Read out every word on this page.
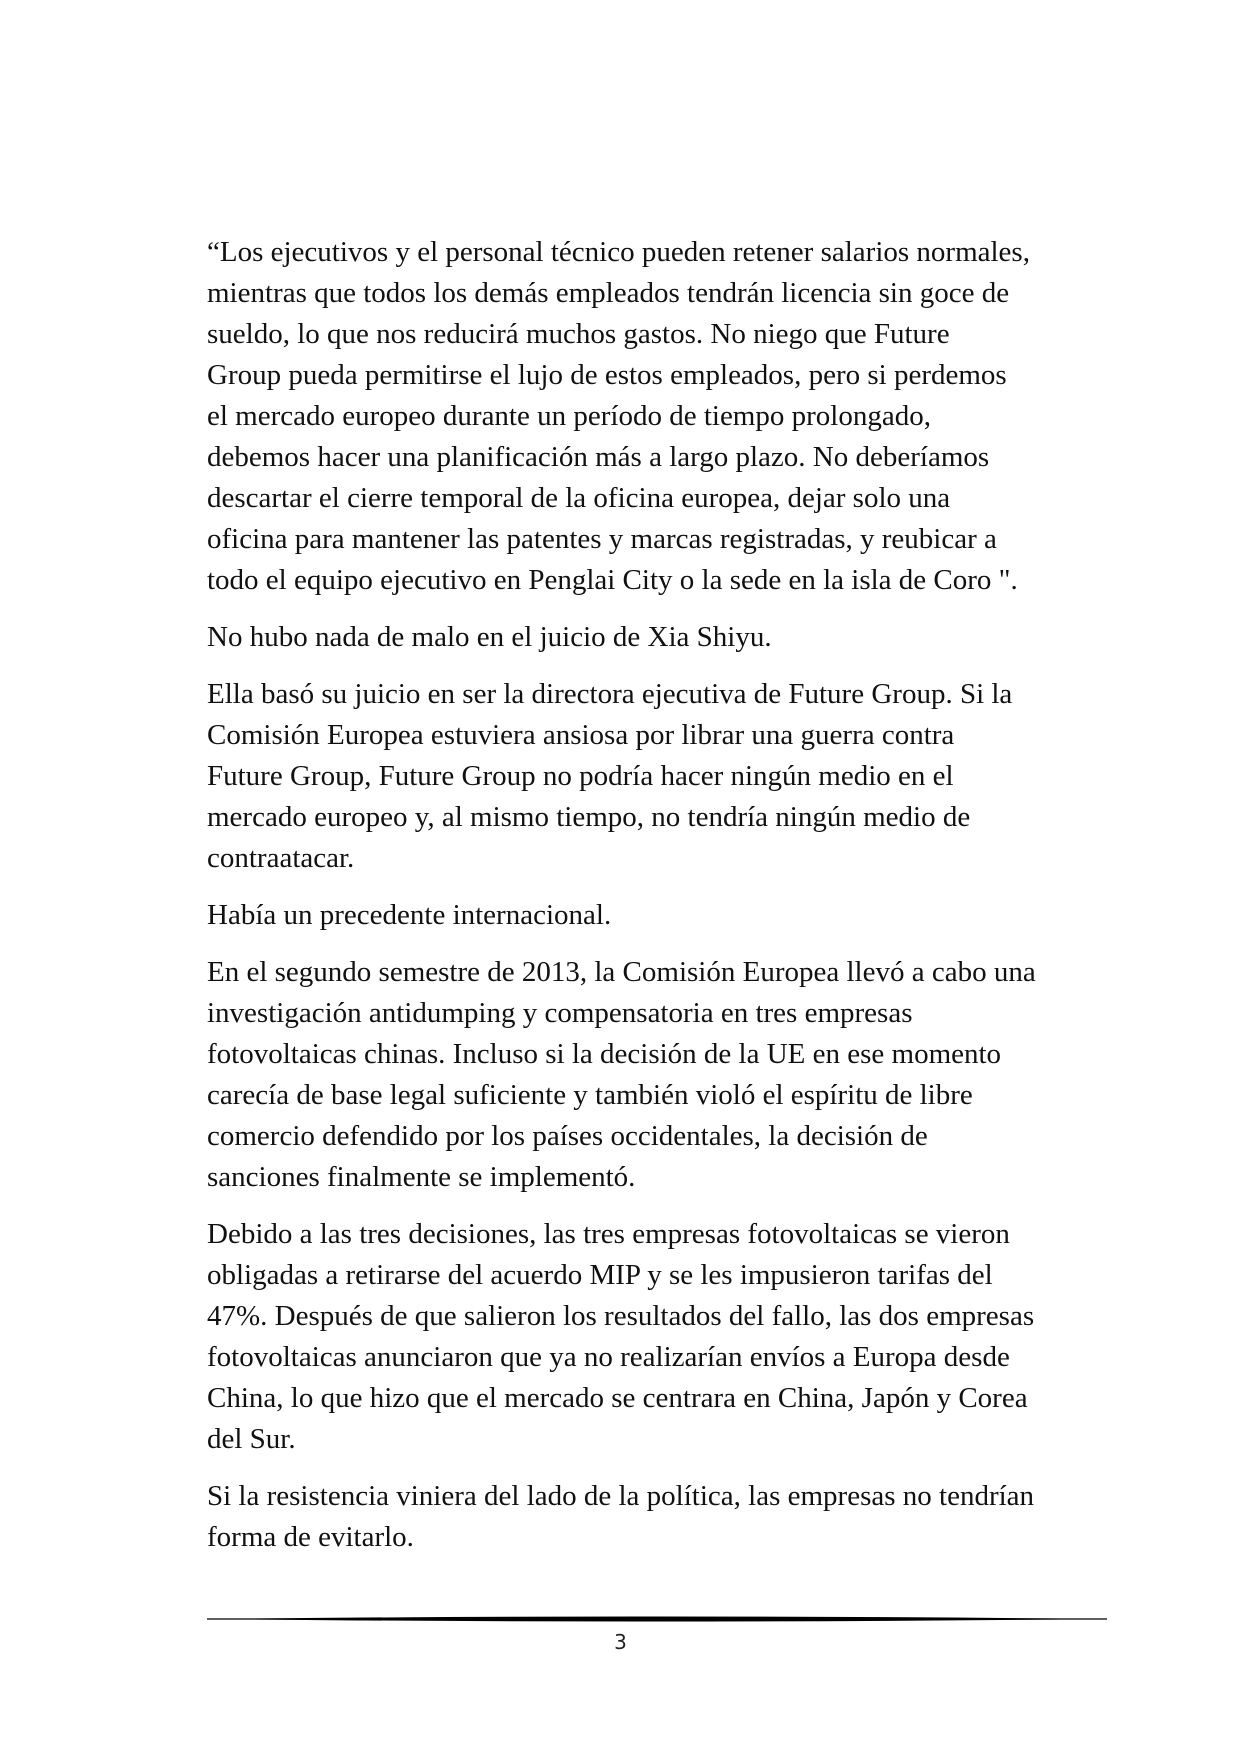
“Los ejecutivos y el personal técnico pueden retener salarios normales,
mientras que todos los demás empleados tendrán licencia sin goce de
sueldo, lo que nos reducirá muchos gastos. No niego que Future
Group pueda permitirse el lujo de estos empleados, pero si perdemos
el mercado europeo durante un período de tiempo prolongado,
debemos hacer una planificación más a largo plazo. No deberíamos
descartar el cierre temporal de la oficina europea, dejar solo una
oficina para mantener las patentes y marcas registradas, y reubicar a
todo el equipo ejecutivo en Penglai City o la sede en la isla de Coro ".

No hubo nada de malo en el juicio de Xia Shiyu.

Ella basó su juicio en ser la directora ejecutiva de Future Group. Si la
Comisión Europea estuviera ansiosa por librar una guerra contra
Future Group, Future Group no podría hacer ningún medio en el
mercado europeo y, al mismo tiempo, no tendría ningún medio de
contraatacar.

Había un precedente internacional.

En el segundo semestre de 2013, la Comisión Europea llevó a cabo una
investigación antidumping y compensatoria en tres empresas
fotovoltaicas chinas. Incluso si la decisión de la UE en ese momento
carecía de base legal suficiente y también violó el espíritu de libre
comercio defendido por los países occidentales, la decisión de
sanciones finalmente se implementó.

Debido a las tres decisiones, las tres empresas fotovoltaicas se vieron
obligadas a retirarse del acuerdo MIP y se les impusieron tarifas del
47%. Después de que salieron los resultados del fallo, las dos empresas
fotovoltaicas anunciaron que ya no realizarían envíos a Europa desde
China, lo que hizo que el mercado se centrara en China, Japón y Corea
del Sur.

Si la resistencia viniera del lado de la política, las empresas no tendrían
forma de evitarlo.

3
